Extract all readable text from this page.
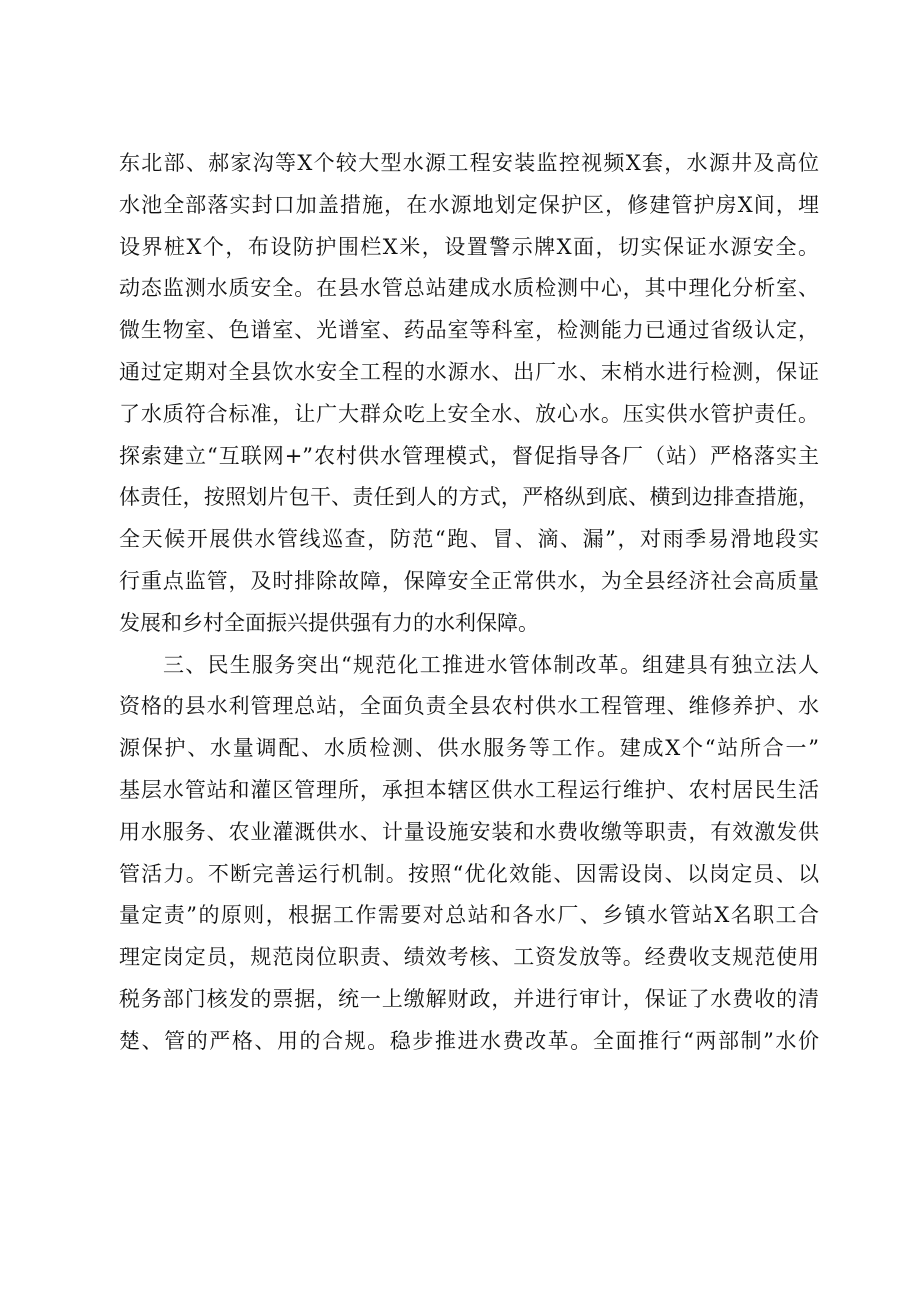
东北部、郝家沟等X个较大型水源工程安装监控视频X套，水源井及高位
水池全部落实封口加盖措施，在水源地划定保护区，修建管护房X间，埋
设界桩X个，布设防护围栏X米，设置警示牌X面，切实保证水源安全。
动态监测水质安全。在县水管总站建成水质检测中心，其中理化分析室、
微生物室、色谱室、光谱室、药品室等科室，检测能力已通过省级认定，
通过定期对全县饮水安全工程的水源水、出厂水、末梢水进行检测，保证
了水质符合标准，让广大群众吃上安全水、放心水。压实供水管护责任。
探索建立“互联网+”农村供水管理模式，督促指导各厂（站）严格落实主
体责任，按照划片包干、责任到人的方式，严格纵到底、横到边排查措施，
全天候开展供水管线巡查，防范“跑、冒、滴、漏”，对雨季易滑地段实
行重点监管，及时排除故障，保障安全正常供水，为全县经济社会高质量
发展和乡村全面振兴提供强有力的水利保障。
三、民生服务突出“规范化工推进水管体制改革。组建具有独立法人
资格的县水利管理总站，全面负责全县农村供水工程管理、维修养护、水
源保护、水量调配、水质检测、供水服务等工作。建成X个“站所合一”
基层水管站和灌区管理所，承担本辖区供水工程运行维护、农村居民生活
用水服务、农业灌溉供水、计量设施安装和水费收缴等职责，有效激发供
管活力。不断完善运行机制。按照“优化效能、因需设岗、以岗定员、以
量定责”的原则，根据工作需要对总站和各水厂、乡镇水管站X名职工合
理定岗定员，规范岗位职责、绩效考核、工资发放等。经费收支规范使用
税务部门核发的票据，统一上缴解财政，并进行审计，保证了水费收的清
楚、管的严格、用的合规。稳步推进水费改革。全面推行“两部制”水价
